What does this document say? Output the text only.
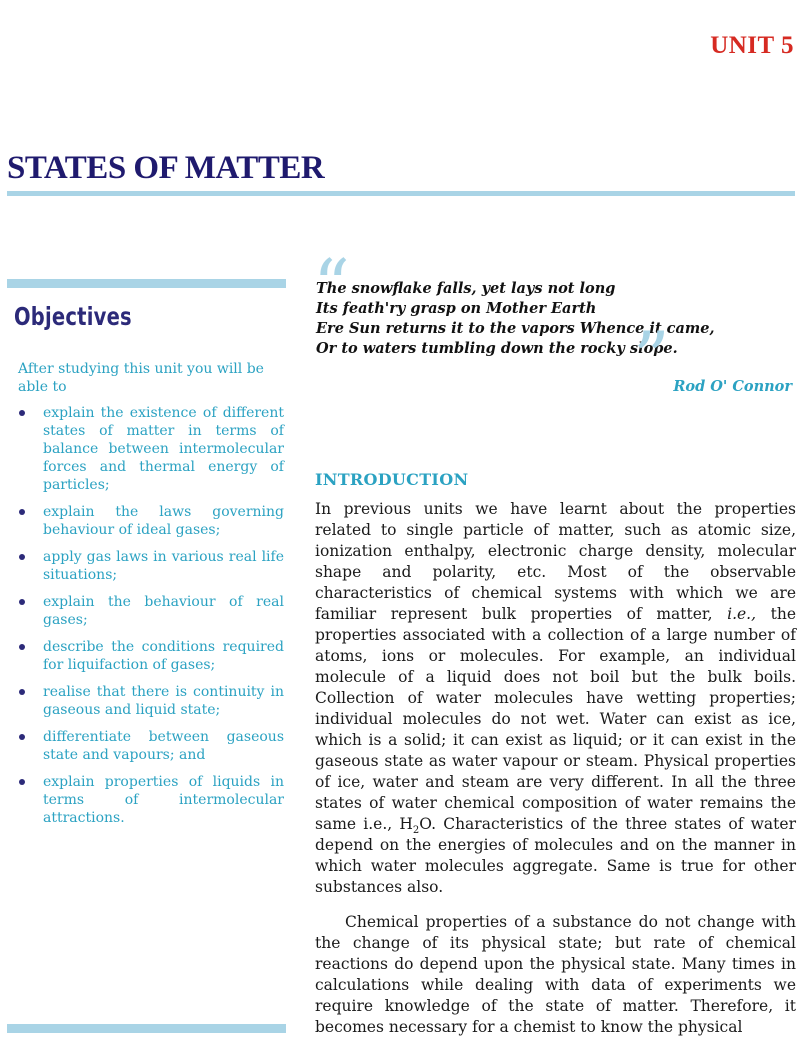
UNIT 5
STATES OF MATTER
Objectives
After studying this unit you will be able to
explain the existence of different states of matter in terms of balance between intermolecular forces and thermal energy of particles;
explain the laws governing behaviour of ideal gases;
apply gas laws in various real life situations;
explain the behaviour of real gases;
describe the conditions required for liquifaction of gases;
realise that there is continuity in gaseous and liquid state;
differentiate between gaseous state and vapours; and
explain properties of liquids in terms of intermolecular attractions.
“
The snowflake falls, yet lays not long
Its feath'ry grasp on Mother Earth
Ere Sun returns it to the vapors Whence it came,
Or to waters tumbling down the rocky slope.
” Rod O' Connor
INTRODUCTION

In previous units we have learnt about the properties related to single particle of matter, such as atomic size, ionization enthalpy, electronic charge density, molecular shape and polarity, etc. Most of the observable characteristics of chemical systems with which we are familiar represent bulk properties of matter, i.e., the properties associated with a collection of a large number of atoms, ions or molecules. For example, an individual molecule of a liquid does not boil but the bulk boils. Collection of water molecules have wetting properties; individual molecules do not wet. Water can exist as ice, which is a solid; it can exist as liquid; or it can exist in the gaseous state as water vapour or steam. Physical properties of ice, water and steam are very different. In all the three states of water chemical composition of water remains the same i.e., $H_2O$. Characteristics of the three states of water depend on the energies of molecules and on the manner in which water molecules aggregate. Same is true for other substances also.

Chemical properties of a substance do not change with the change of its physical state; but rate of chemical reactions do depend upon the physical state. Many times in calculations while dealing with data of experiments we require knowledge of the state of matter. Therefore, it becomes necessary for a chemist to know the physical
